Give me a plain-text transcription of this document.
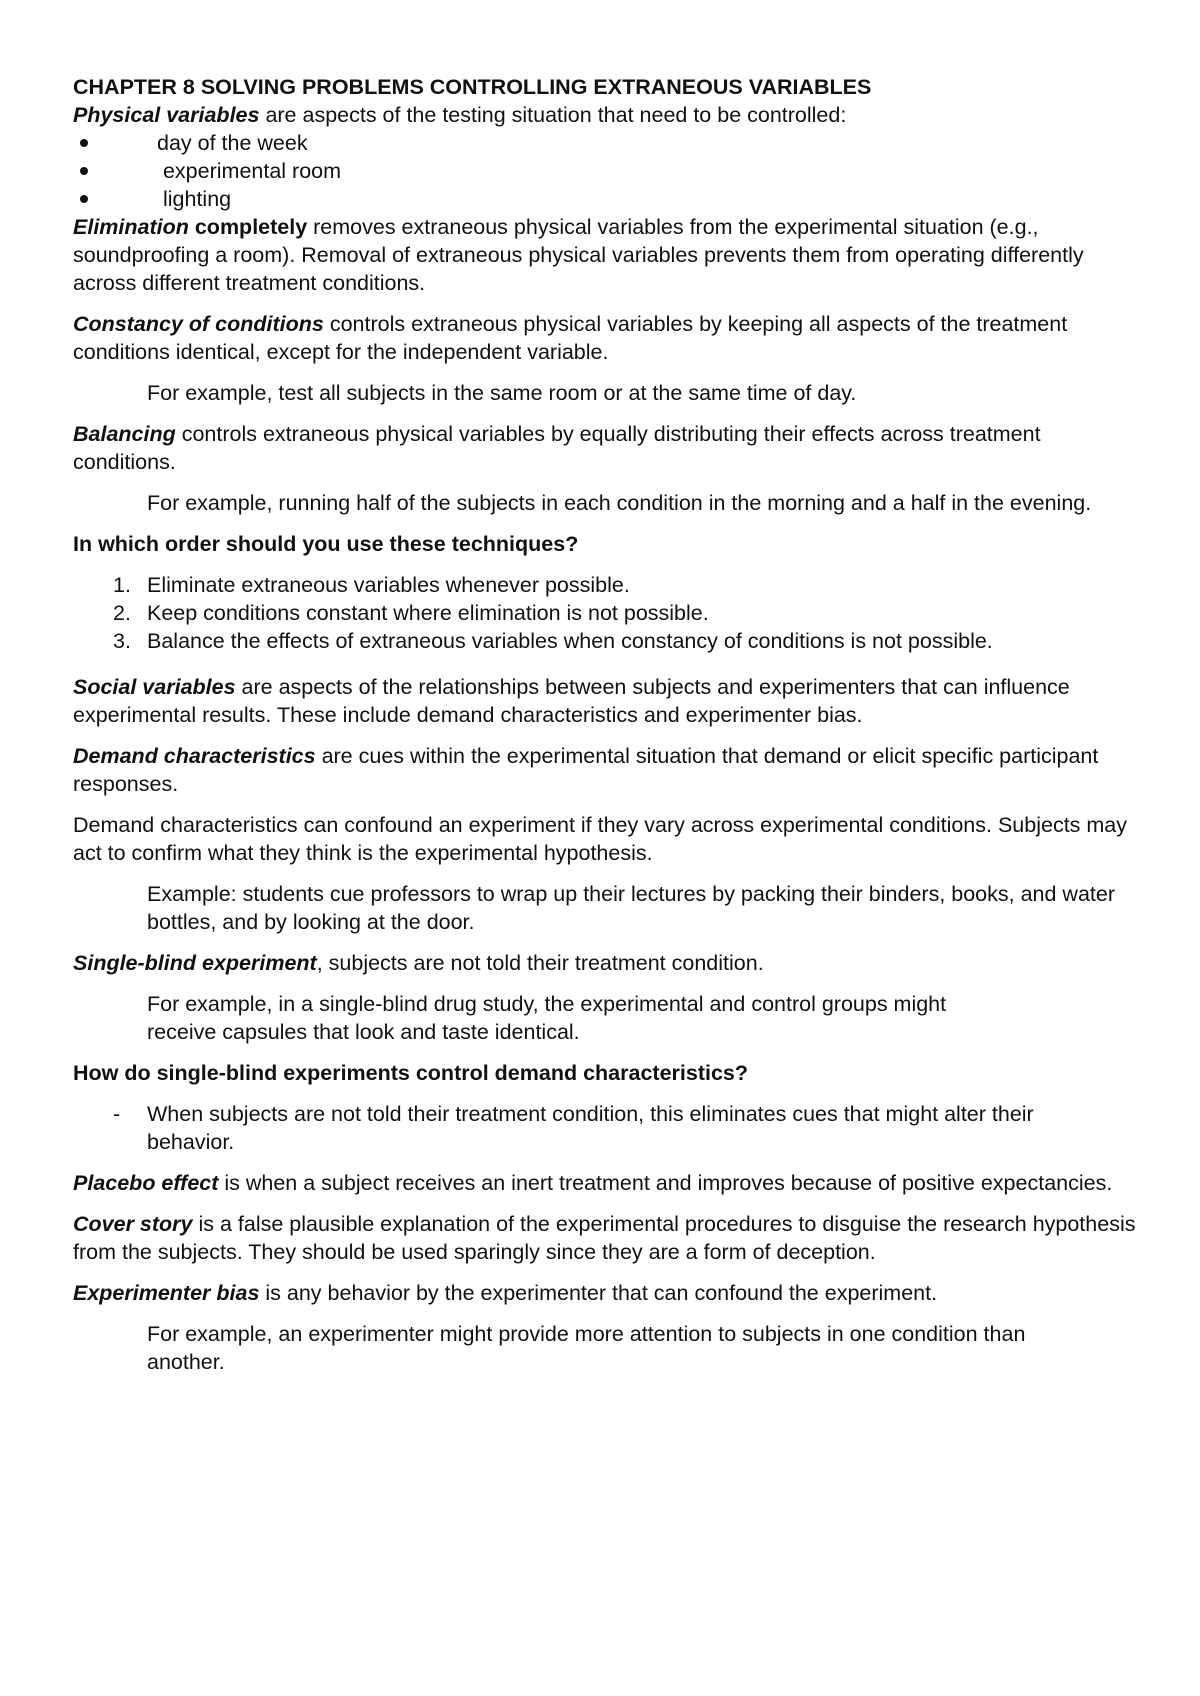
CHAPTER 8 SOLVING PROBLEMS CONTROLLING EXTRANEOUS VARIABLES

Physical variables are aspects of the testing situation that need to be controlled:

day of the week
experimental room
lighting

Elimination completely removes extraneous physical variables from the experimental situation (e.g., soundproofing a room). Removal of extraneous physical variables prevents them from operating differently across different treatment conditions.

Constancy of conditions controls extraneous physical variables by keeping all aspects of the treatment conditions identical, except for the independent variable.

For example, test all subjects in the same room or at the same time of day.

Balancing controls extraneous physical variables by equally distributing their effects across treatment conditions.

For example, running half of the subjects in each condition in the morning and a half in the evening.

In which order should you use these techniques?

1. Eliminate extraneous variables whenever possible.
2. Keep conditions constant where elimination is not possible.
3. Balance the effects of extraneous variables when constancy of conditions is not possible.

Social variables are aspects of the relationships between subjects and experimenters that can influence experimental results. These include demand characteristics and experimenter bias.

Demand characteristics are cues within the experimental situation that demand or elicit specific participant responses.

Demand characteristics can confound an experiment if they vary across experimental conditions. Subjects may act to confirm what they think is the experimental hypothesis.

Example: students cue professors to wrap up their lectures by packing their binders, books, and water bottles, and by looking at the door.

Single-blind experiment, subjects are not told their treatment condition.

For example, in a single-blind drug study, the experimental and control groups might receive capsules that look and taste identical.

How do single-blind experiments control demand characteristics?

- When subjects are not told their treatment condition, this eliminates cues that might alter their behavior.

Placebo effect is when a subject receives an inert treatment and improves because of positive expectancies.

Cover story is a false plausible explanation of the experimental procedures to disguise the research hypothesis from the subjects. They should be used sparingly since they are a form of deception.

Experimenter bias is any behavior by the experimenter that can confound the experiment.

For example, an experimenter might provide more attention to subjects in one condition than another.
